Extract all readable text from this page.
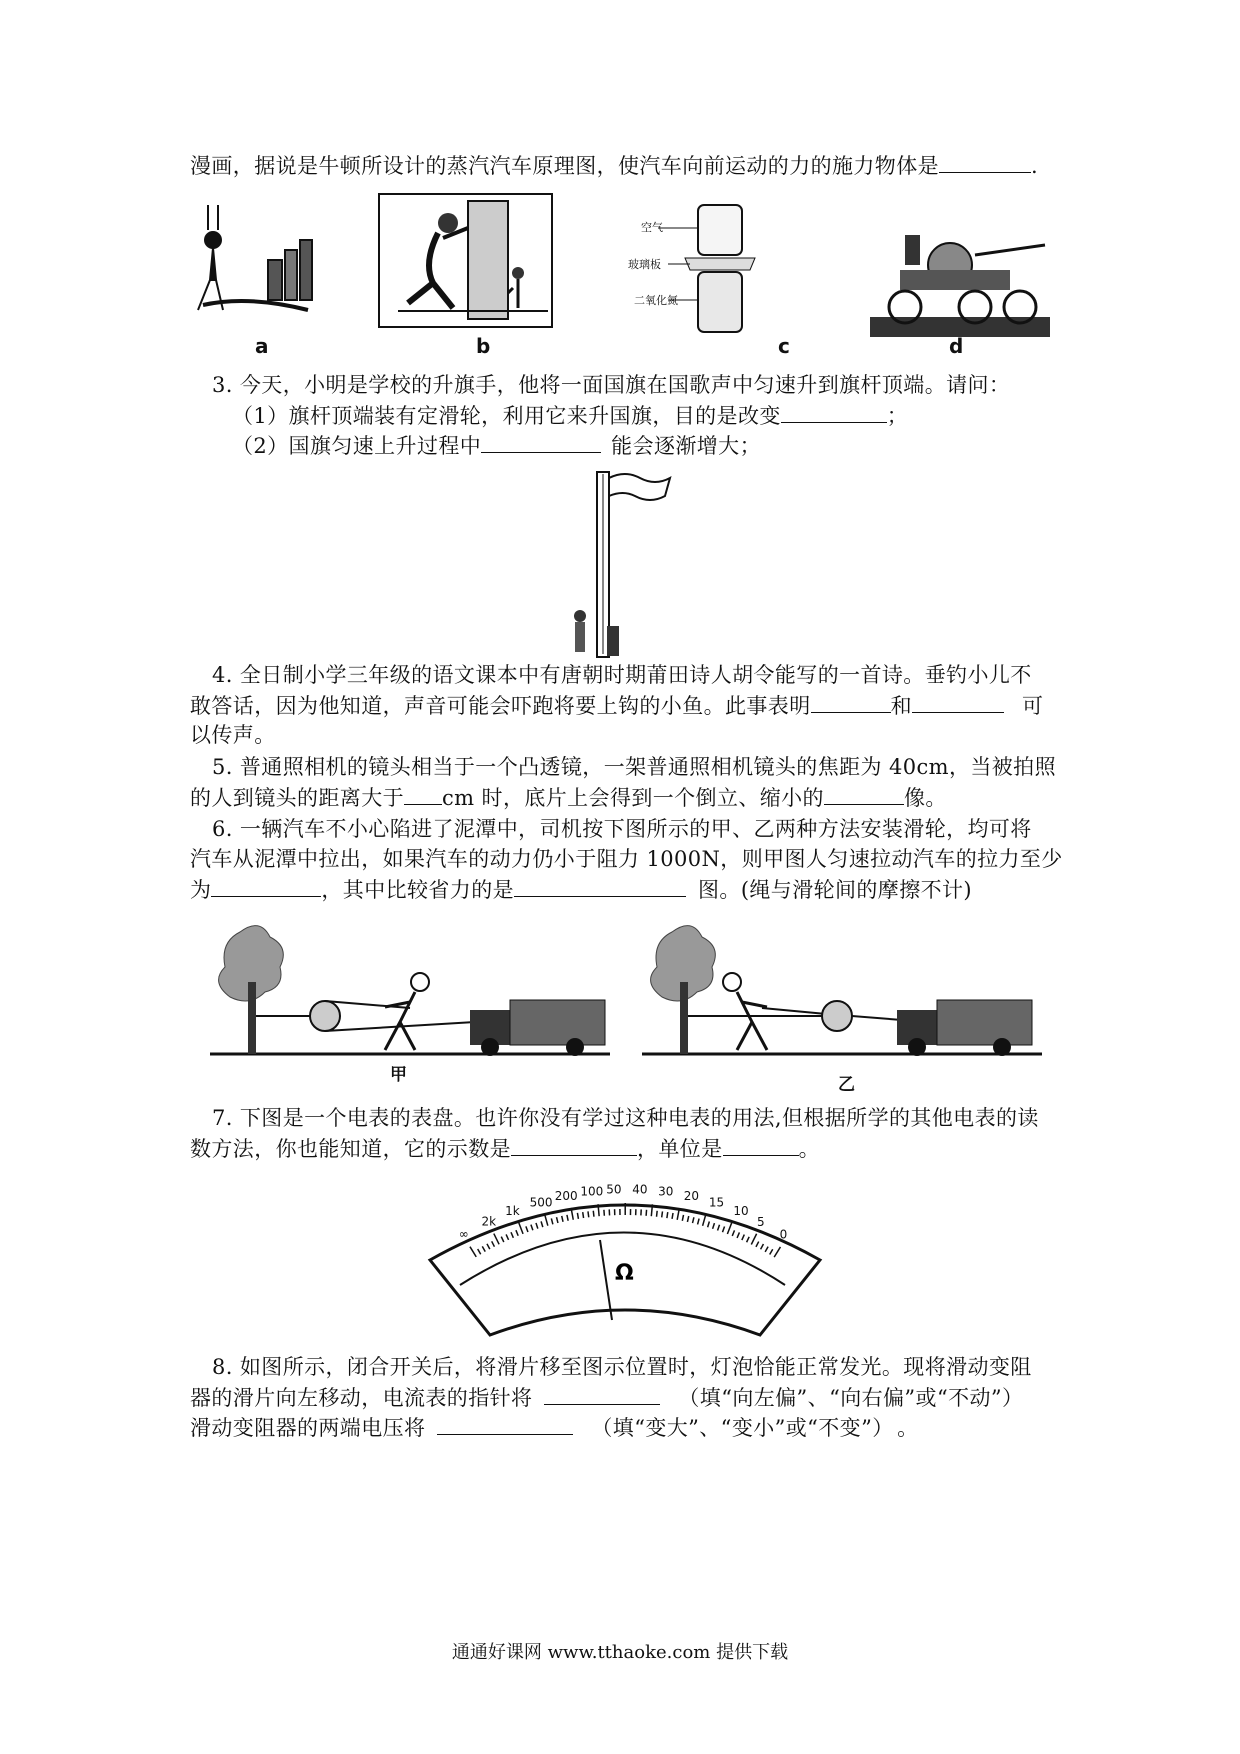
漫画，据说是牛顿所设计的蒸汽汽车原理图，使汽车向前运动的力的施力物体是	.
a	b
空气
玻璃板
二氧化氮
c	d
3. 今天，小明是学校的升旗手，他将一面国旗在国歌声中匀速升到旗杆顶端。请问：
（1）旗杆顶端装有定滑轮，利用它来升国旗，目的是改变	；
（2）国旗匀速上升过程中	能会逐渐增大；
4. 全日制小学三年级的语文课本中有唐朝时期莆田诗人胡令能写的一首诗。垂钓小儿不
敢答话，因为他知道，声音可能会吓跑将要上钩的小鱼。此事表明	和	可
以传声。
5. 普通照相机的镜头相当于一个凸透镜，一架普通照相机镜头的焦距为 40cm，当被拍照
的人到镜头的距离大于 cm 时，底片上会得到一个倒立、缩小的	像。
6. 一辆汽车不小心陷进了泥潭中，司机按下图所示的甲、乙两种方法安装滑轮，均可将
汽车从泥潭中拉出，如果汽车的动力仍小于阻力 1000N，则甲图人匀速拉动汽车的拉力至少
为	，其中比较省力的是	图。(绳与滑轮间的摩擦不计)
甲	乙
7. 下图是一个电表的表盘。也许你没有学过这种电表的用法,但根据所学的其他电表的读
数方法，你也能知道，它的示数是	，单位是	。
∞
2k
1k
500 200 100 50 40 30 20 15
10
5
0
Ω
8. 如图所示，闭合开关后，将滑片移至图示位置时，灯泡恰能正常发光。现将滑动变阻
器的滑片向左移动，电流表的指针将	（填“向左偏”、“向右偏”或“不动”）
滑动变阻器的两端电压将	（填“变大”、“变小”或“不变”） 。
通通好课网 www.tthaoke.com 提供下载
